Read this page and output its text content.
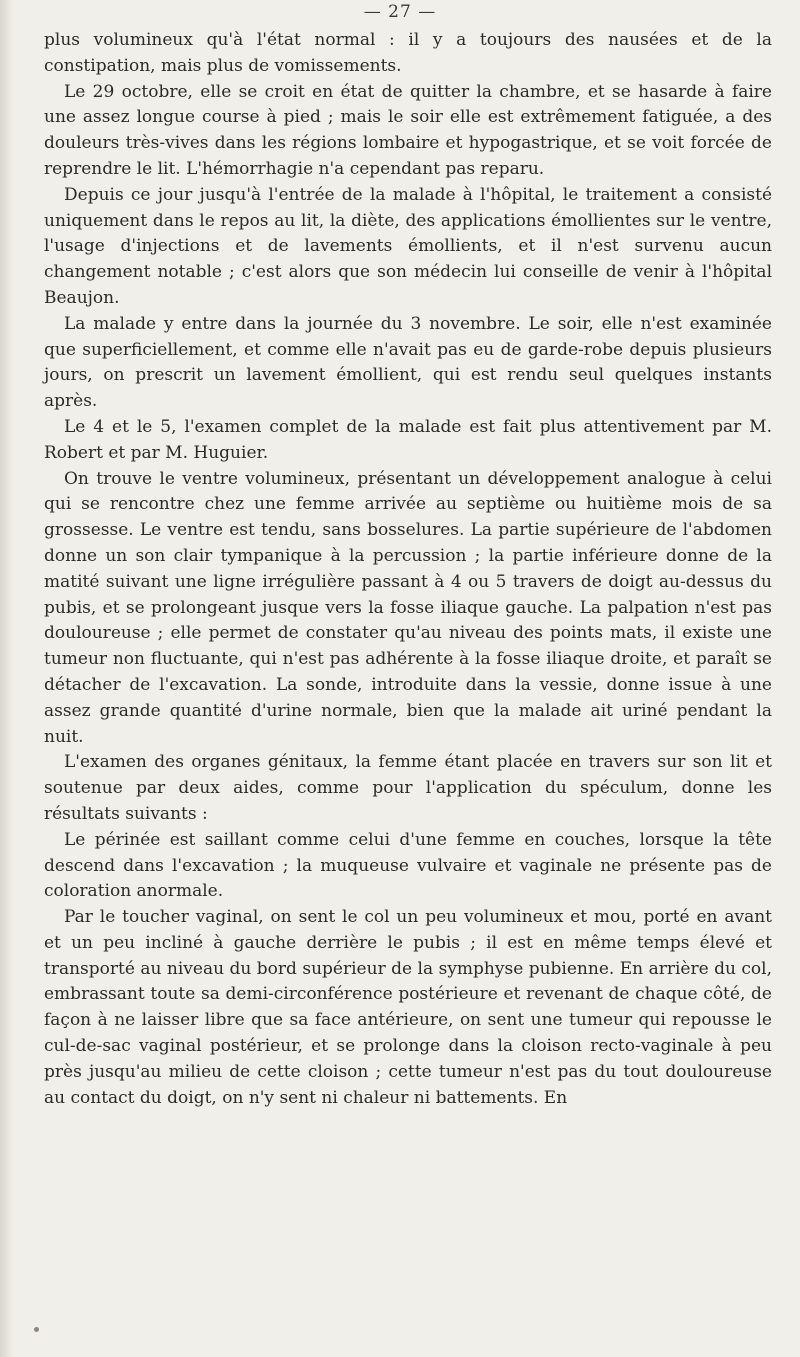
— 27 —

plus volumineux qu'à l'état normal : il y a toujours des nausées et de la constipation, mais plus de vomissements.

Le 29 octobre, elle se croit en état de quitter la chambre, et se hasarde à faire une assez longue course à pied ; mais le soir elle est extrêmement fatiguée, a des douleurs très-vives dans les régions lombaire et hypogastrique, et se voit forcée de reprendre le lit. L'hémorrhagie n'a cependant pas reparu.

Depuis ce jour jusqu'à l'entrée de la malade à l'hôpital, le traitement a consisté uniquement dans le repos au lit, la diète, des applications émollientes sur le ventre, l'usage d'injections et de lavements émollients, et il n'est survenu aucun changement notable ; c'est alors que son médecin lui conseille de venir à l'hôpital Beaujon.

La malade y entre dans la journée du 3 novembre. Le soir, elle n'est examinée que superficiellement, et comme elle n'avait pas eu de garde-robe depuis plusieurs jours, on prescrit un lavement émollient, qui est rendu seul quelques instants après.

Le 4 et le 5, l'examen complet de la malade est fait plus attentivement par M. Robert et par M. Huguier.

On trouve le ventre volumineux, présentant un développement analogue à celui qui se rencontre chez une femme arrivée au septième ou huitième mois de sa grossesse. Le ventre est tendu, sans bosselures. La partie supérieure de l'abdomen donne un son clair tympanique à la percussion ; la partie inférieure donne de la matité suivant une ligne irrégulière passant à 4 ou 5 travers de doigt au-dessus du pubis, et se prolongeant jusque vers la fosse iliaque gauche. La palpation n'est pas douloureuse ; elle permet de constater qu'au niveau des points mats, il existe une tumeur non fluctuante, qui n'est pas adhérente à la fosse iliaque droite, et paraît se détacher de l'excavation. La sonde, introduite dans la vessie, donne issue à une assez grande quantité d'urine normale, bien que la malade ait uriné pendant la nuit.

L'examen des organes génitaux, la femme étant placée en travers sur son lit et soutenue par deux aides, comme pour l'application du spéculum, donne les résultats suivants :

Le périnée est saillant comme celui d'une femme en couches, lorsque la tête descend dans l'excavation ; la muqueuse vulvaire et vaginale ne présente pas de coloration anormale.

Par le toucher vaginal, on sent le col un peu volumineux et mou, porté en avant et un peu incliné à gauche derrière le pubis ; il est en même temps élevé et transporté au niveau du bord supérieur de la symphyse pubienne. En arrière du col, embrassant toute sa demi-circonférence postérieure et revenant de chaque côté, de façon à ne laisser libre que sa face antérieure, on sent une tumeur qui repousse le cul-de-sac vaginal postérieur, et se prolonge dans la cloison recto-vaginale à peu près jusqu'au milieu de cette cloison ; cette tumeur n'est pas du tout douloureuse au contact du doigt, on n'y sent ni chaleur ni battements. En
